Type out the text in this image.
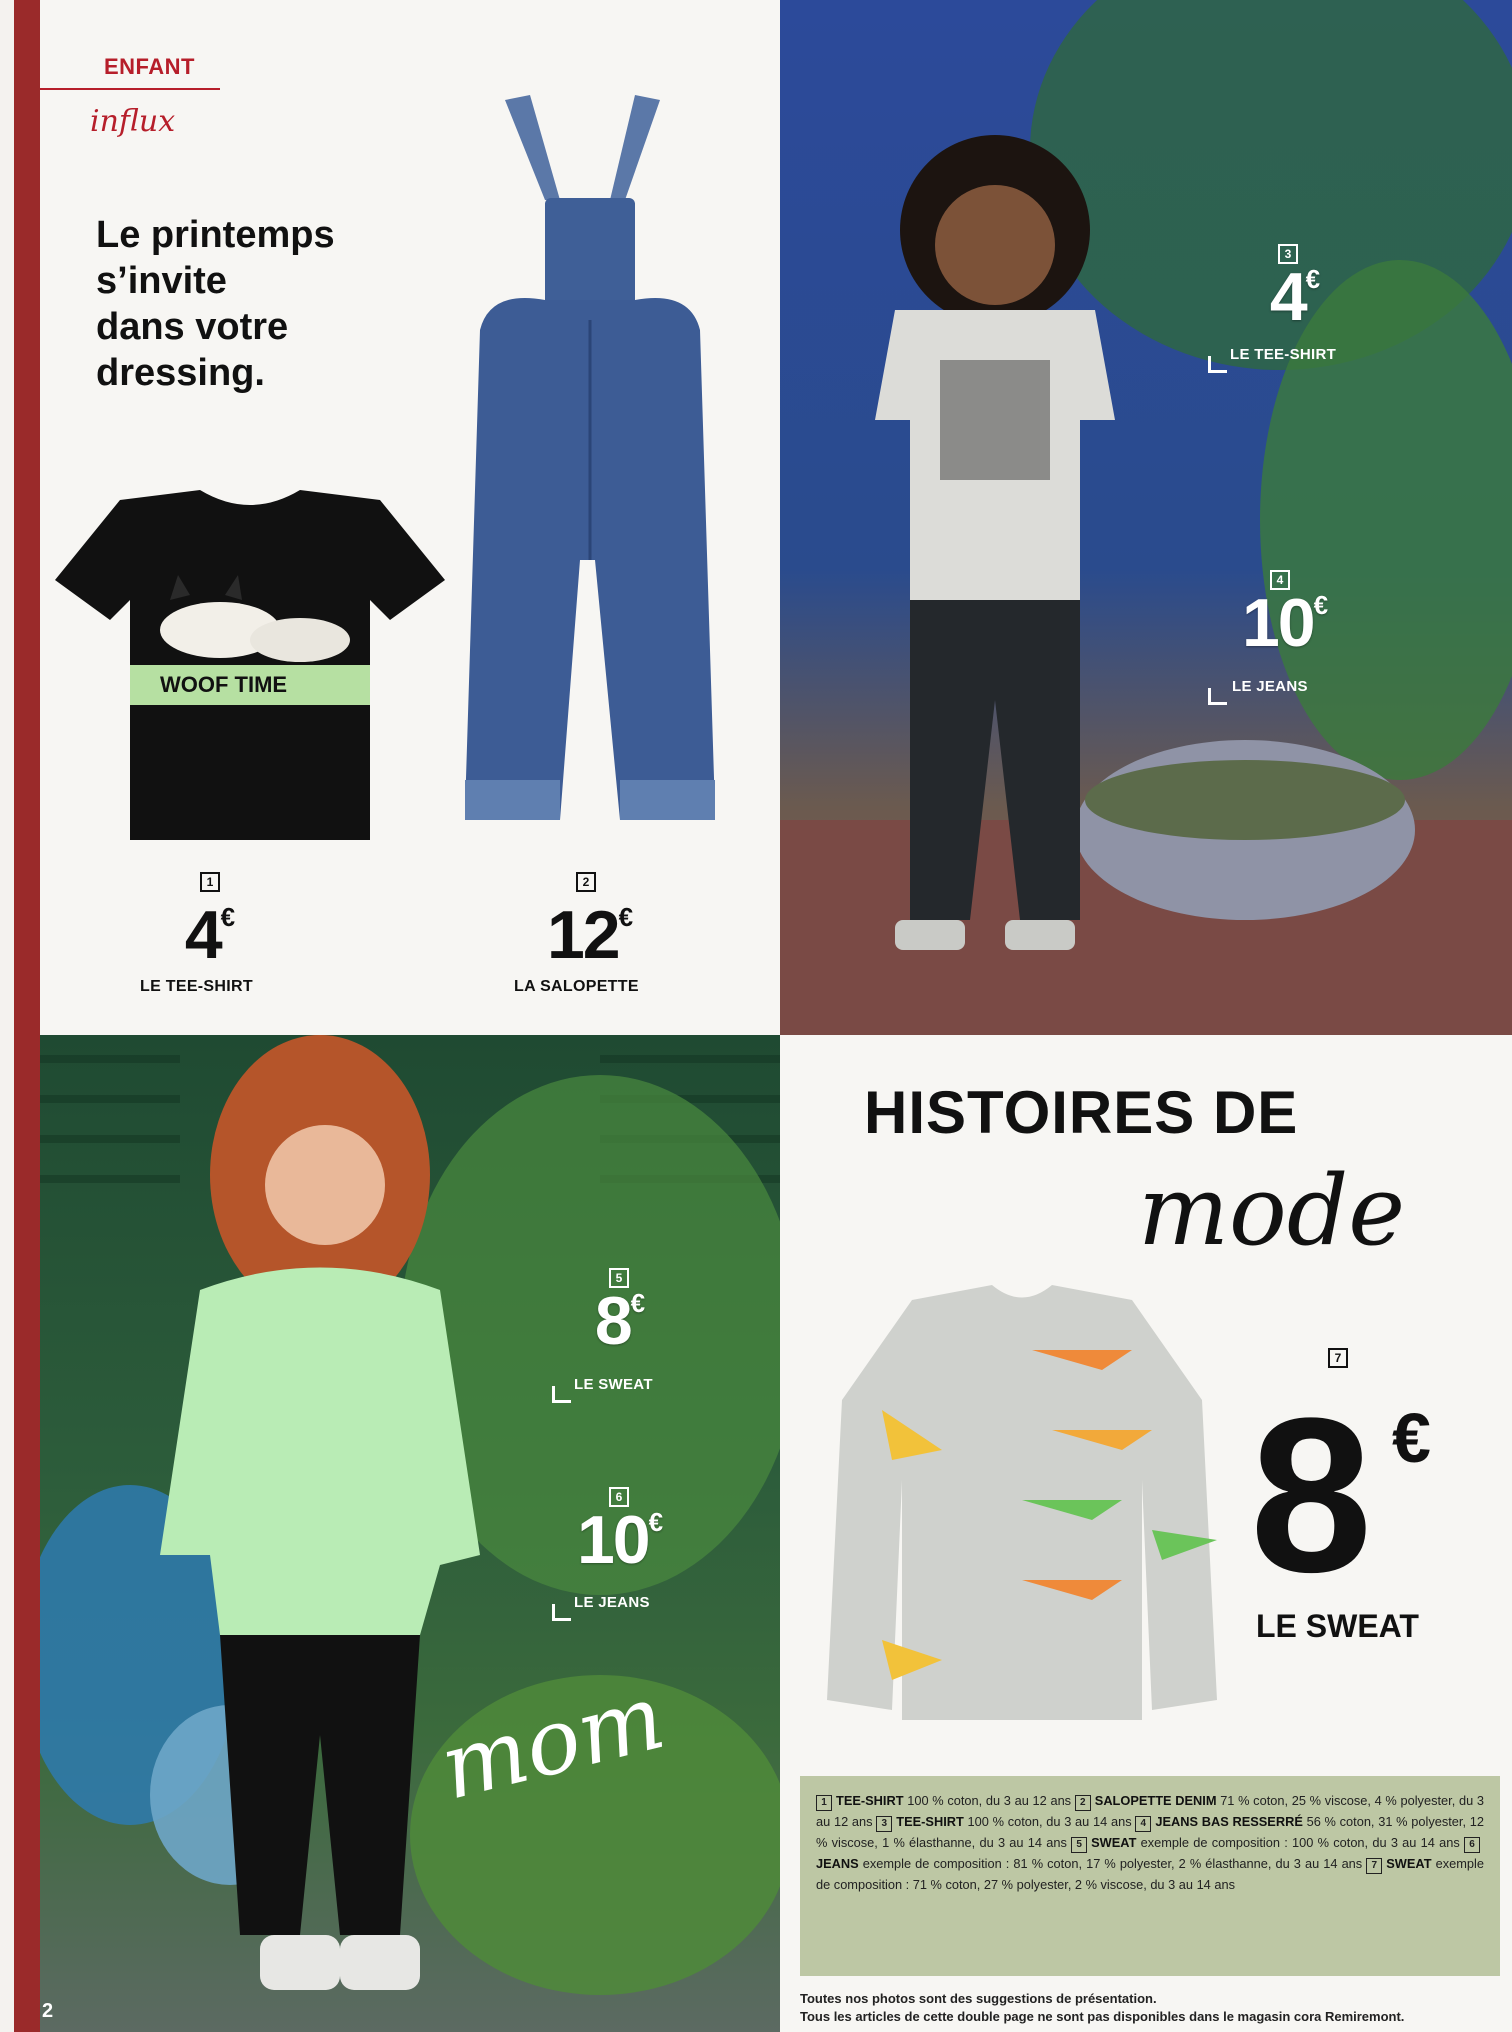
ENFANT
influx
Le printemps
s’invite
dans votre
dressing.
WOOF TIME
1
4€
LE TEE-SHIRT
2
12€
LA SALOPETTE
3
4€
LE TEE-SHIRT
4
10€
LE JEANS
5
8€
LE SWEAT
6
10€
LE JEANS
mom
2
HISTOIRES DE
mode
7
8 €
LE SWEAT
1 TEE-SHIRT 100 % coton, du 3 au 12 ans 2 SALOPETTE DENIM 71 % coton, 25 % viscose, 4 % polyester, du 3 au 12 ans 3 TEE-SHIRT 100 % coton, du 3 au 14 ans 4 JEANS BAS RESSERRÉ 56 % coton, 31 % polyester, 12 % viscose, 1 % élasthanne, du 3 au 14 ans 5 SWEAT exemple de composition : 100 % coton, du 3 au 14 ans 6JEANS exemple de composition : 81 % coton, 17 % polyester, 2 % élasthanne, du 3 au 14 ans 7 SWEAT exemple de composition : 71 % coton, 27 % polyester, 2 % viscose, du 3 au 14 ans
Toutes nos photos sont des suggestions de présentation.
Tous les articles de cette double page ne sont pas disponibles dans le magasin cora Remiremont.
